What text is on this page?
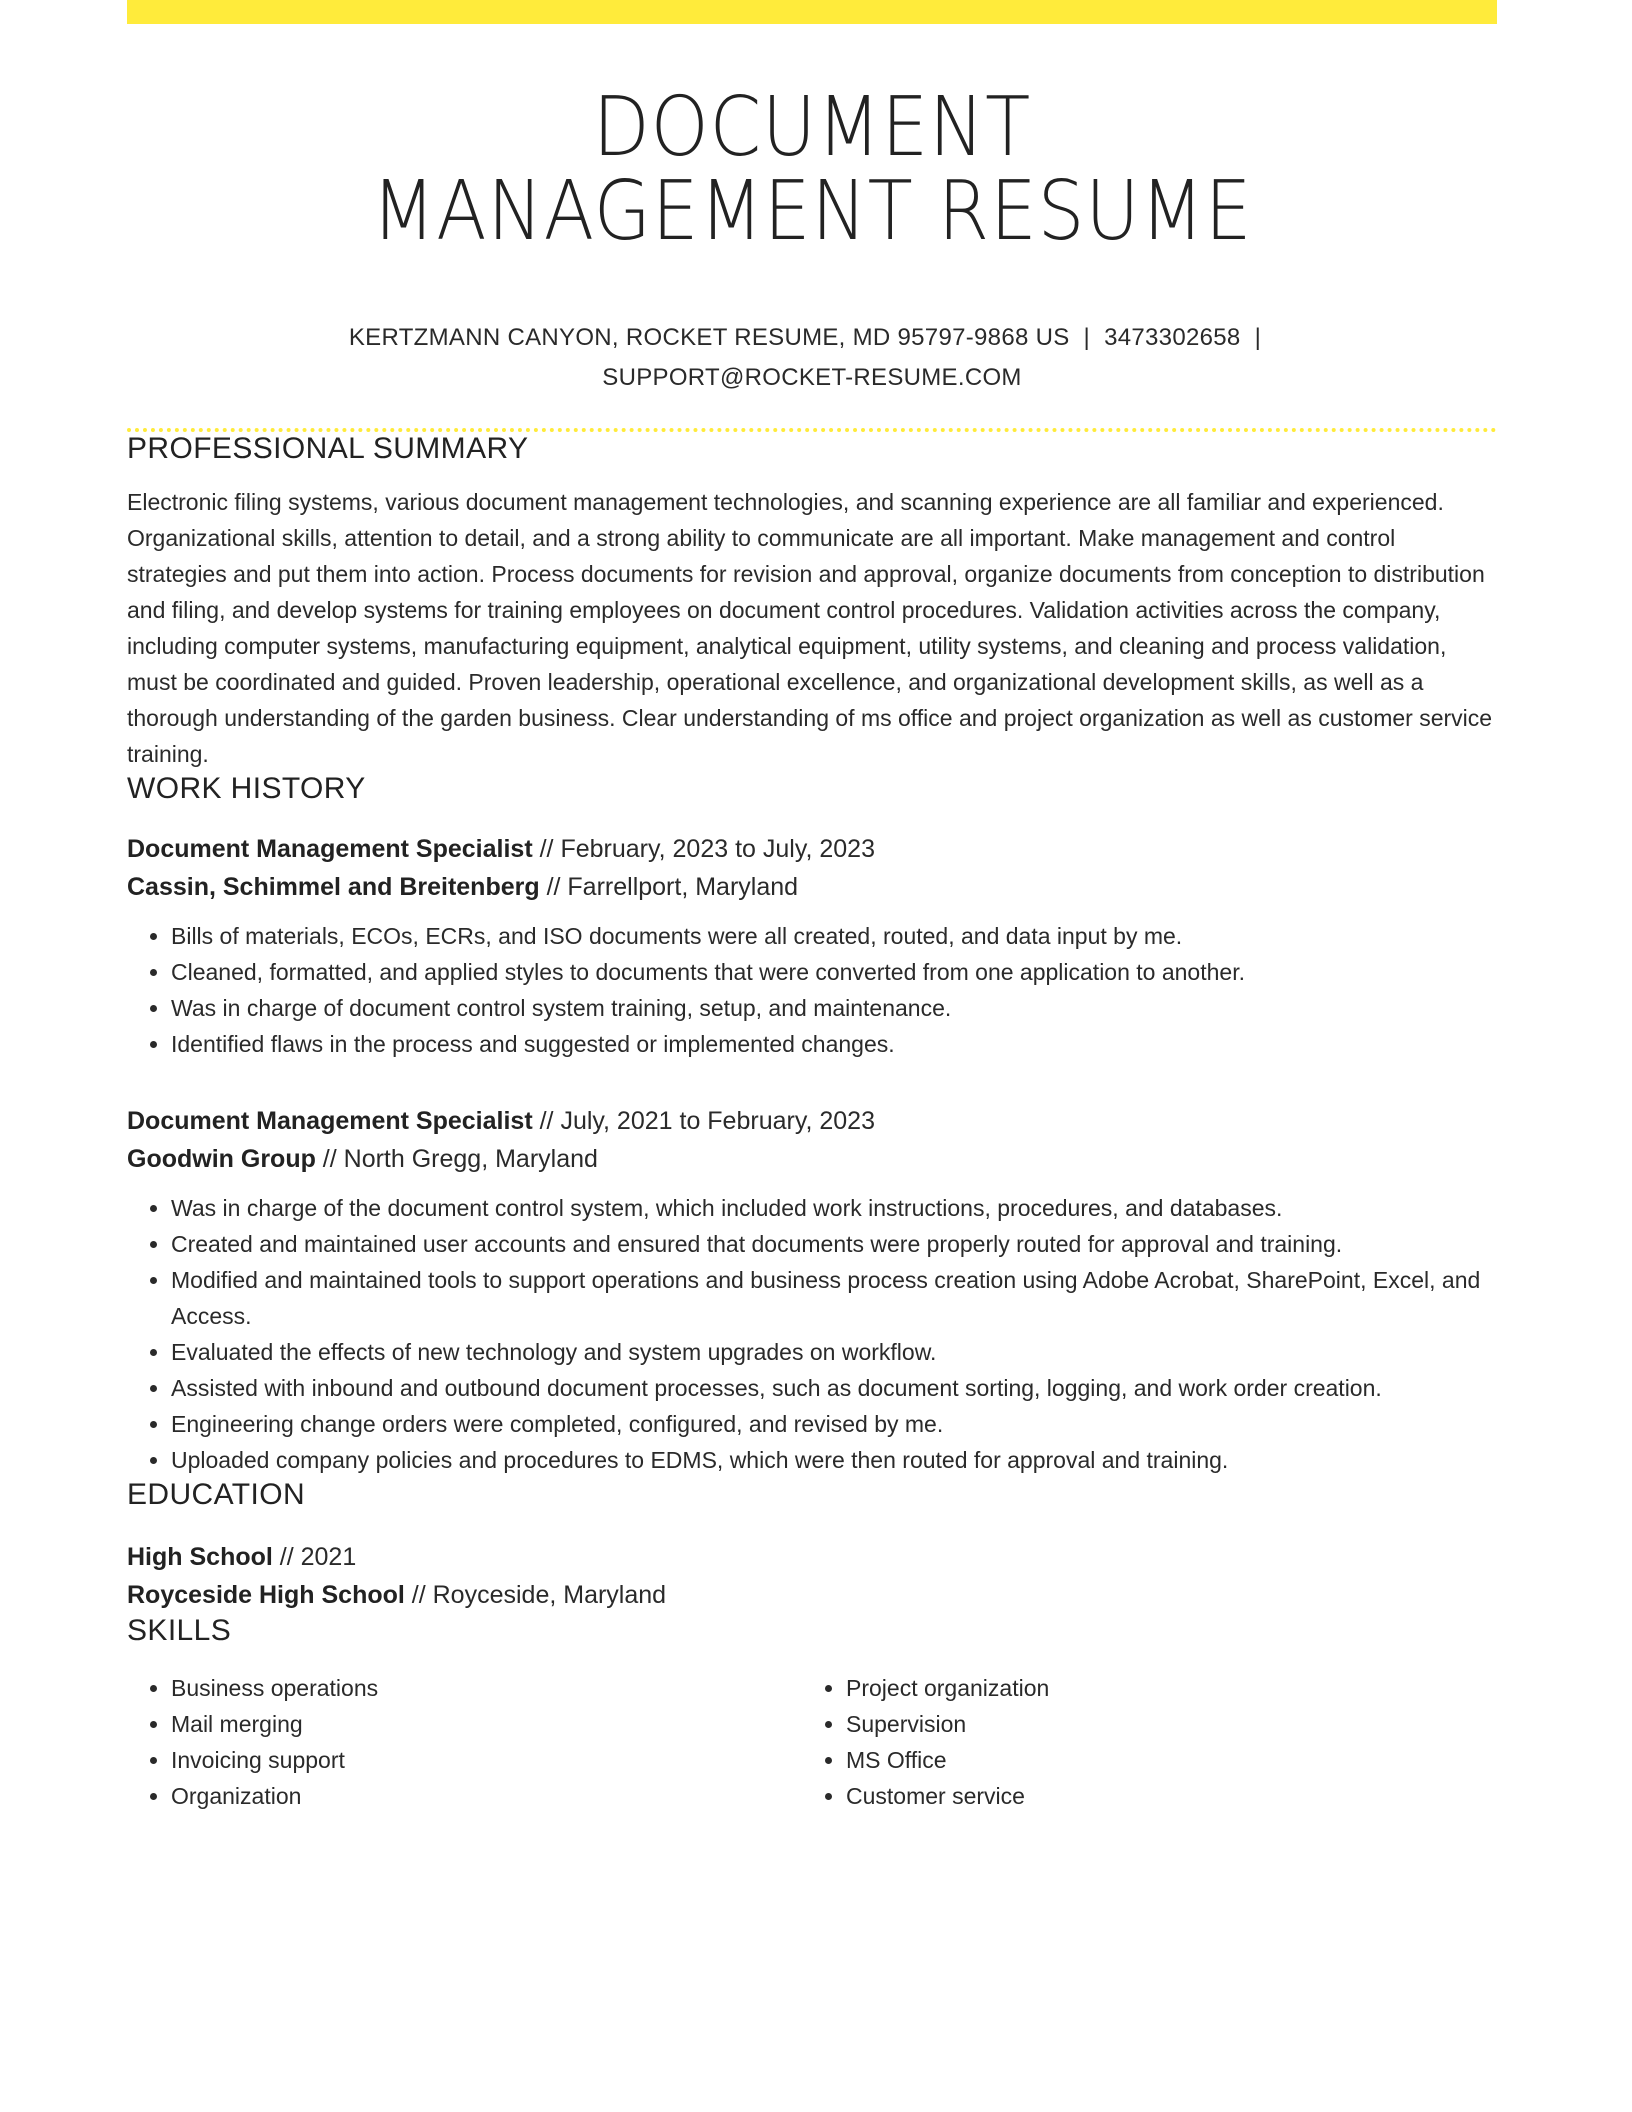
DOCUMENT
MANAGEMENT RESUME
KERTZMANN CANYON, ROCKET RESUME, MD 95797-9868 US | 3473302658 |
SUPPORT@ROCKET-RESUME.COM
PROFESSIONAL SUMMARY
Electronic filing systems, various document management technologies, and scanning experience are all familiar and experienced. Organizational skills, attention to detail, and a strong ability to communicate are all important. Make management and control strategies and put them into action. Process documents for revision and approval, organize documents from conception to distribution and filing, and develop systems for training employees on document control procedures. Validation activities across the company, including computer systems, manufacturing equipment, analytical equipment, utility systems, and cleaning and process validation, must be coordinated and guided. Proven leadership, operational excellence, and organizational development skills, as well as a thorough understanding of the garden business. Clear understanding of ms office and project organization as well as customer service training.
WORK HISTORY
Document Management Specialist // February, 2023 to July, 2023
Cassin, Schimmel and Breitenberg // Farrellport, Maryland
• Bills of materials, ECOs, ECRs, and ISO documents were all created, routed, and data input by me.
• Cleaned, formatted, and applied styles to documents that were converted from one application to another.
• Was in charge of document control system training, setup, and maintenance.
• Identified flaws in the process and suggested or implemented changes.
Document Management Specialist // July, 2021 to February, 2023
Goodwin Group // North Gregg, Maryland
• Was in charge of the document control system, which included work instructions, procedures, and databases.
• Created and maintained user accounts and ensured that documents were properly routed for approval and training.
• Modified and maintained tools to support operations and business process creation using Adobe Acrobat, SharePoint, Excel, and Access.
• Evaluated the effects of new technology and system upgrades on workflow.
• Assisted with inbound and outbound document processes, such as document sorting, logging, and work order creation.
• Engineering change orders were completed, configured, and revised by me.
• Uploaded company policies and procedures to EDMS, which were then routed for approval and training.
EDUCATION
High School // 2021
Royceside High School // Royceside, Maryland
SKILLS
• Business operations
• Mail merging
• Invoicing support
• Organization
• Project organization
• Supervision
• MS Office
• Customer service
